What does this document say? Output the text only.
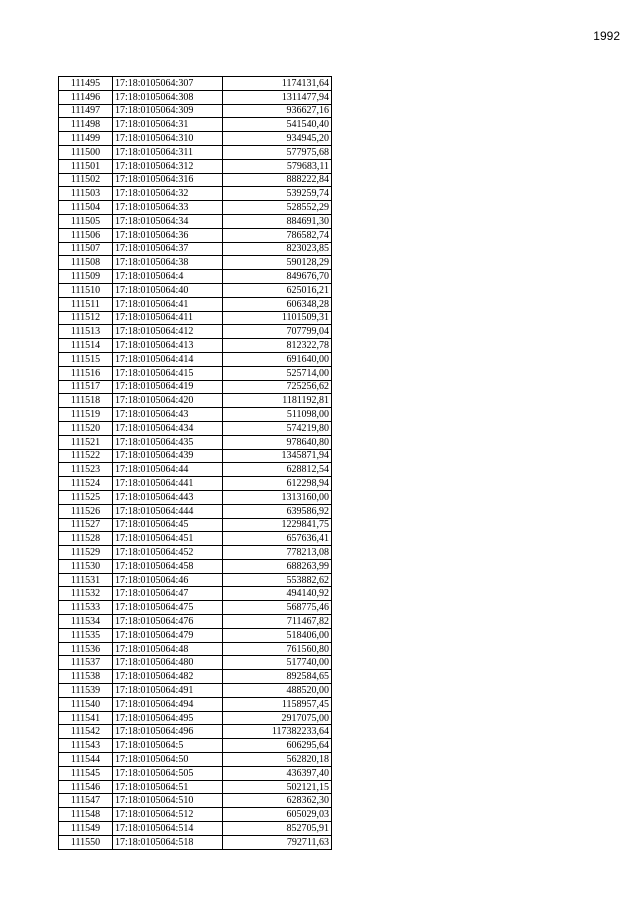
1992
111495	17:18:0105064:307	1174131,64
111496	17:18:0105064:308	1311477,94
111497	17:18:0105064:309	936627,16
111498	17:18:0105064:31	541540,40
111499	17:18:0105064:310	934945,20
111500	17:18:0105064:311	577975,68
111501	17:18:0105064:312	579683,11
111502	17:18:0105064:316	888222,84
111503	17:18:0105064:32	539259,74
111504	17:18:0105064:33	528552,29
111505	17:18:0105064:34	884691,30
111506	17:18:0105064:36	786582,74
111507	17:18:0105064:37	823023,85
111508	17:18:0105064:38	590128,29
111509	17:18:0105064:4	849676,70
111510	17:18:0105064:40	625016,21
111511	17:18:0105064:41	606348,28
111512	17:18:0105064:411	1101509,31
111513	17:18:0105064:412	707799,04
111514	17:18:0105064:413	812322,78
111515	17:18:0105064:414	691640,00
111516	17:18:0105064:415	525714,00
111517	17:18:0105064:419	725256,62
111518	17:18:0105064:420	1181192,81
111519	17:18:0105064:43	511098,00
111520	17:18:0105064:434	574219,80
111521	17:18:0105064:435	978640,80
111522	17:18:0105064:439	1345871,94
111523	17:18:0105064:44	628812,54
111524	17:18:0105064:441	612298,94
111525	17:18:0105064:443	1313160,00
111526	17:18:0105064:444	639586,92
111527	17:18:0105064:45	1229841,75
111528	17:18:0105064:451	657636,41
111529	17:18:0105064:452	778213,08
111530	17:18:0105064:458	688263,99
111531	17:18:0105064:46	553882,62
111532	17:18:0105064:47	494140,92
111533	17:18:0105064:475	568775,46
111534	17:18:0105064:476	711467,82
111535	17:18:0105064:479	518406,00
111536	17:18:0105064:48	761560,80
111537	17:18:0105064:480	517740,00
111538	17:18:0105064:482	892584,65
111539	17:18:0105064:491	488520,00
111540	17:18:0105064:494	1158957,45
111541	17:18:0105064:495	2917075,00
111542	17:18:0105064:496	117382233,64
111543	17:18:0105064:5	606295,64
111544	17:18:0105064:50	562820,18
111545	17:18:0105064:505	436397,40
111546	17:18:0105064:51	502121,15
111547	17:18:0105064:510	628362,30
111548	17:18:0105064:512	605029,03
111549	17:18:0105064:514	852705,91
111550	17:18:0105064:518	792711,63
